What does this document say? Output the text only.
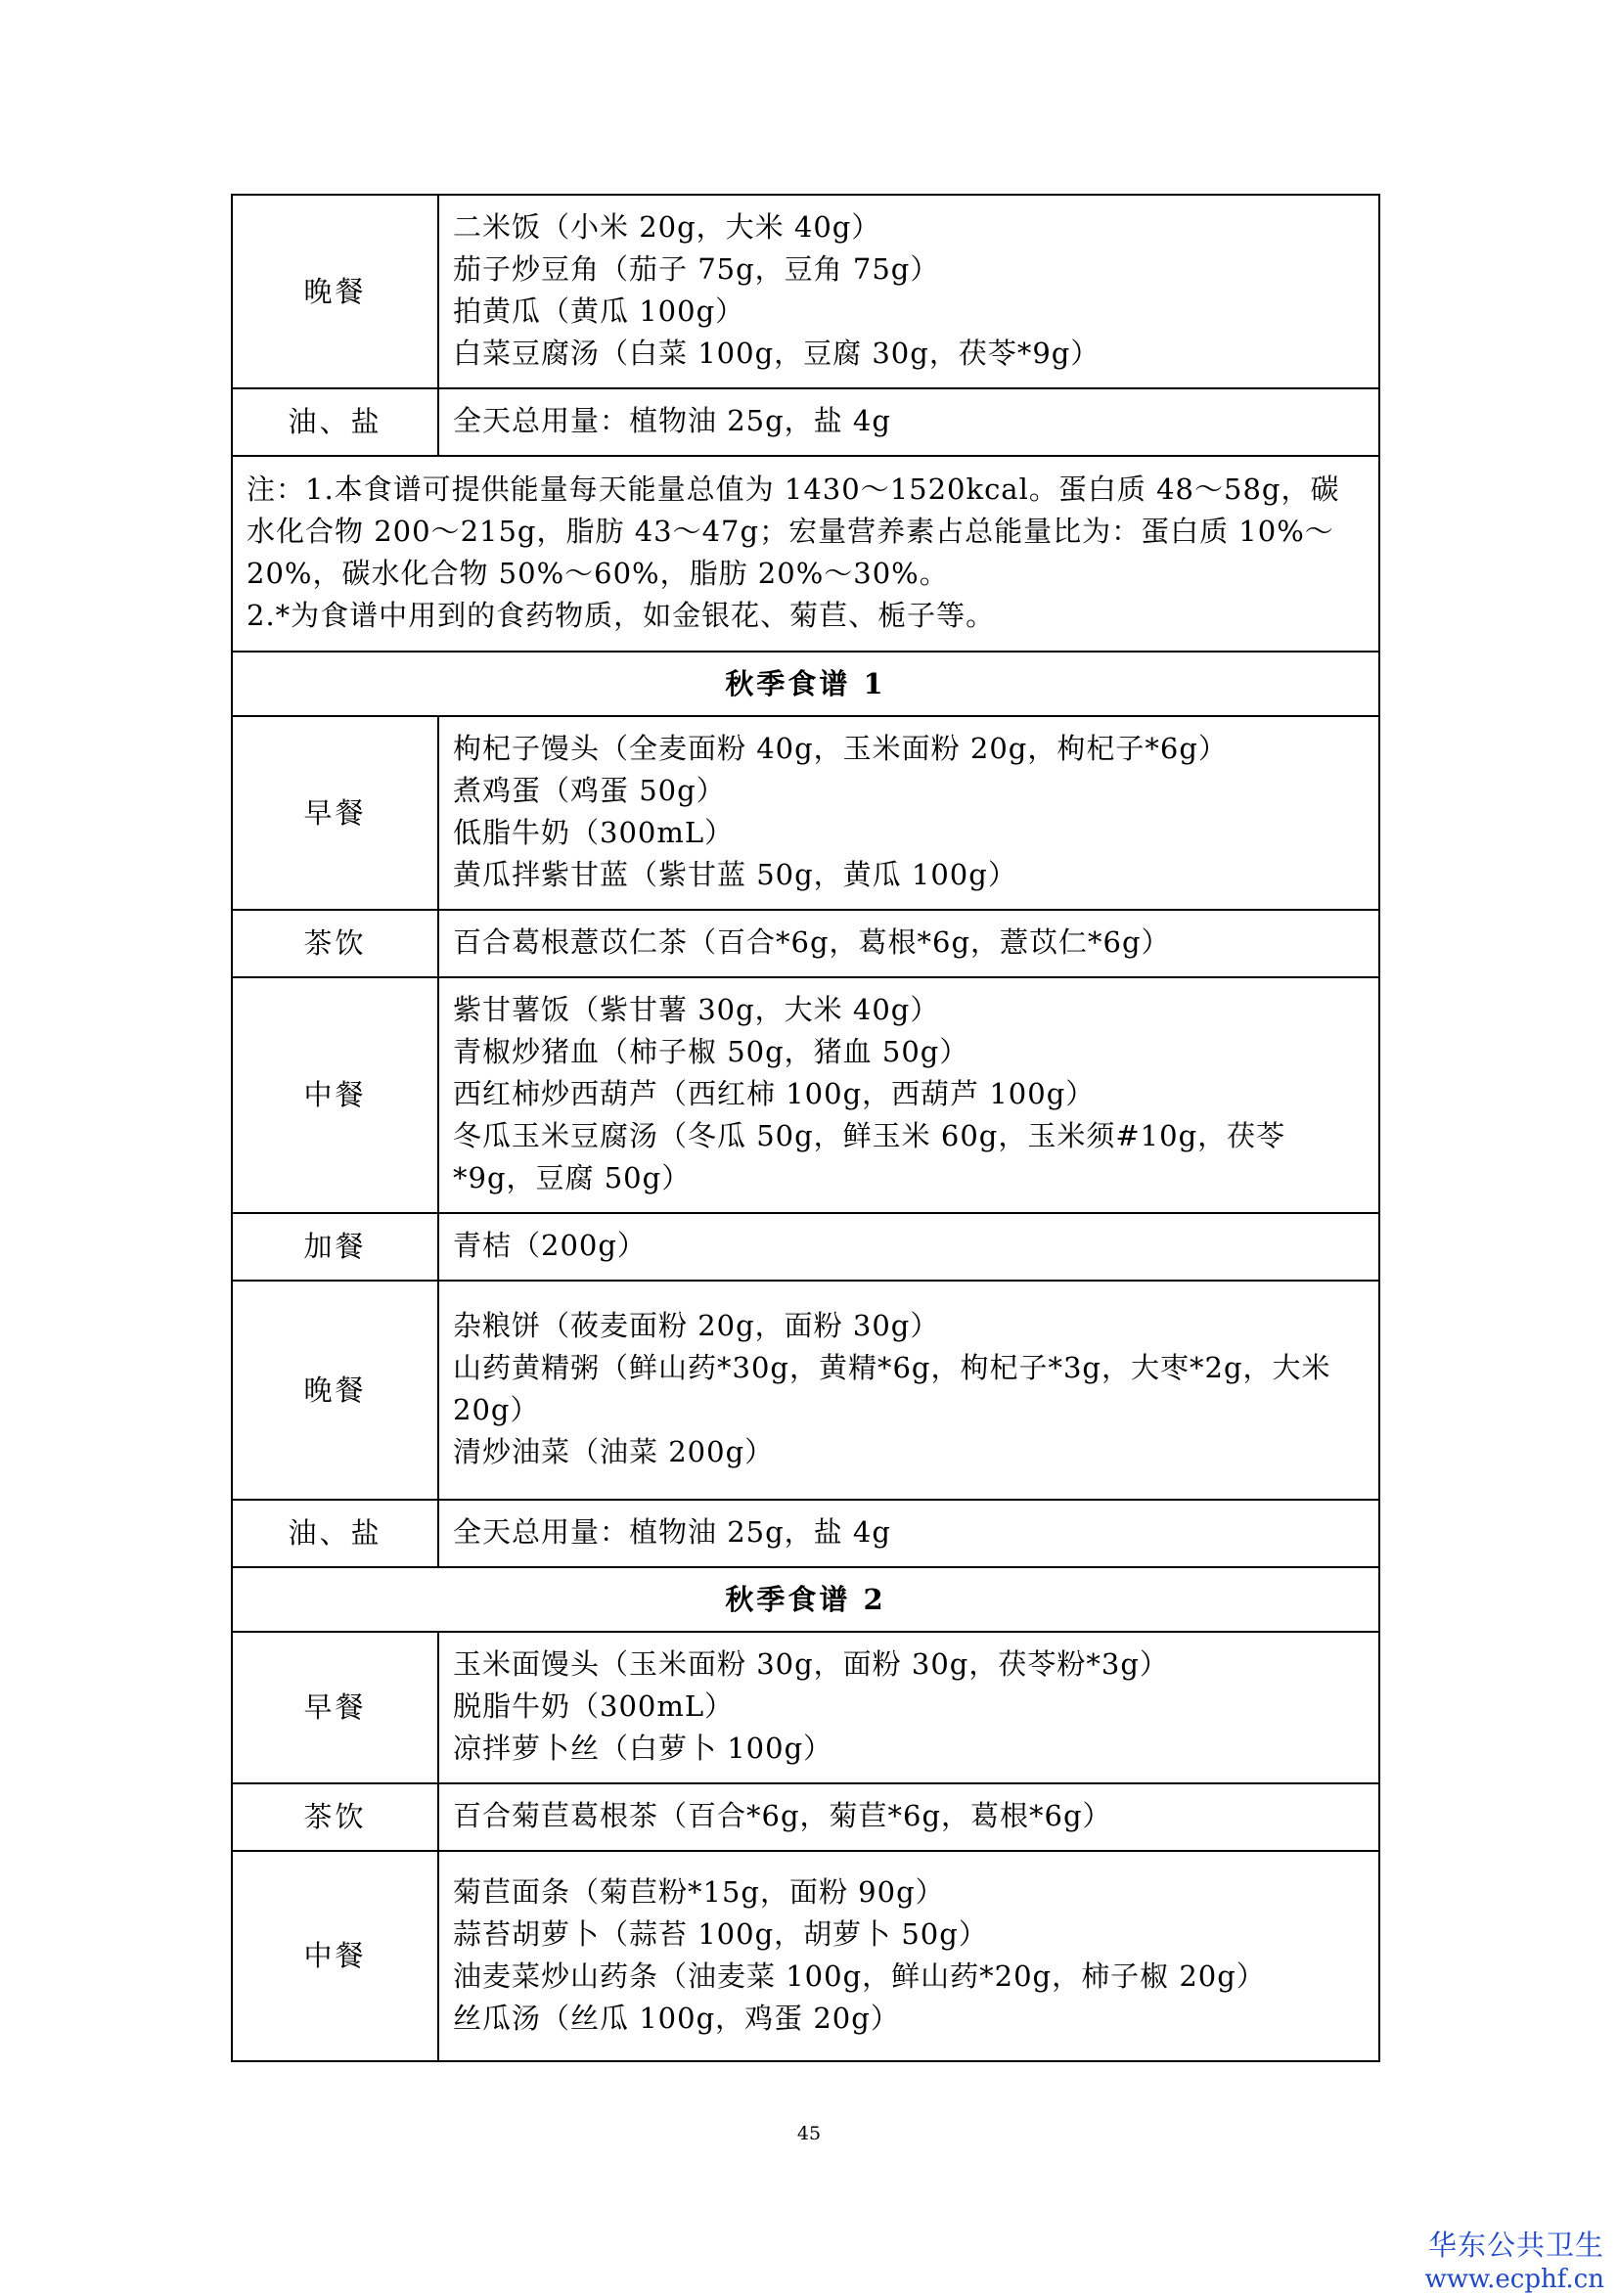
晚餐	二米饭（小米 20g，大米 40g）
茄子炒豆角（茄子 75g，豆角 75g）
拍黄瓜（黄瓜 100g）
白菜豆腐汤（白菜 100g，豆腐 30g，茯苓*9g）

油、盐	全天总用量：植物油 25g，盐 4g

注：1.本食谱可提供能量每天能量总值为 1430～1520kcal。蛋白质 48～58g，碳水化合物 200～215g，脂肪 43～47g；宏量营养素占总能量比为：蛋白质 10%～20%，碳水化合物 50%～60%，脂肪 20%～30%。
2.*为食谱中用到的食药物质，如金银花、菊苣、栀子等。	

秋季食谱 1	
早餐	枸杞子馒头（全麦面粉 40g，玉米面粉 20g，枸杞子*6g）
煮鸡蛋（鸡蛋 50g）
低脂牛奶（300mL）
黄瓜拌紫甘蓝（紫甘蓝 50g，黄瓜 100g）

茶饮	百合葛根薏苡仁茶（百合*6g，葛根*6g，薏苡仁*6g）
中餐	紫甘薯饭（紫甘薯 30g，大米 40g）
青椒炒猪血（柿子椒 50g，猪血 50g）
西红柿炒西葫芦（西红柿 100g，西葫芦 100g）
冬瓜玉米豆腐汤（冬瓜 50g，鲜玉米 60g，玉米须#10g，茯苓*9g，豆腐 50g）

加餐	青桔（200g）
晚餐	杂粮饼（莜麦面粉 20g，面粉 30g）
山药黄精粥（鲜山药*30g，黄精*6g，枸杞子*3g，大枣*2g，大米 20g）
清炒油菜（油菜 200g）

油、盐	全天总用量：植物油 25g，盐 4g
秋季食谱 2	
早餐	玉米面馒头（玉米面粉 30g，面粉 30g，茯苓粉*3g）
脱脂牛奶（300mL）
凉拌萝卜丝（白萝卜 100g）

茶饮	百合菊苣葛根茶（百合*6g，菊苣*6g，葛根*6g）
中餐	菊苣面条（菊苣粉*15g，面粉 90g）
蒜苔胡萝卜（蒜苔 100g，胡萝卜 50g）
油麦菜炒山药条（油麦菜 100g，鲜山药*20g，柿子椒 20g）
丝瓜汤（丝瓜 100g，鸡蛋 20g）
45
华东公共卫生
www.ecphf.cn
